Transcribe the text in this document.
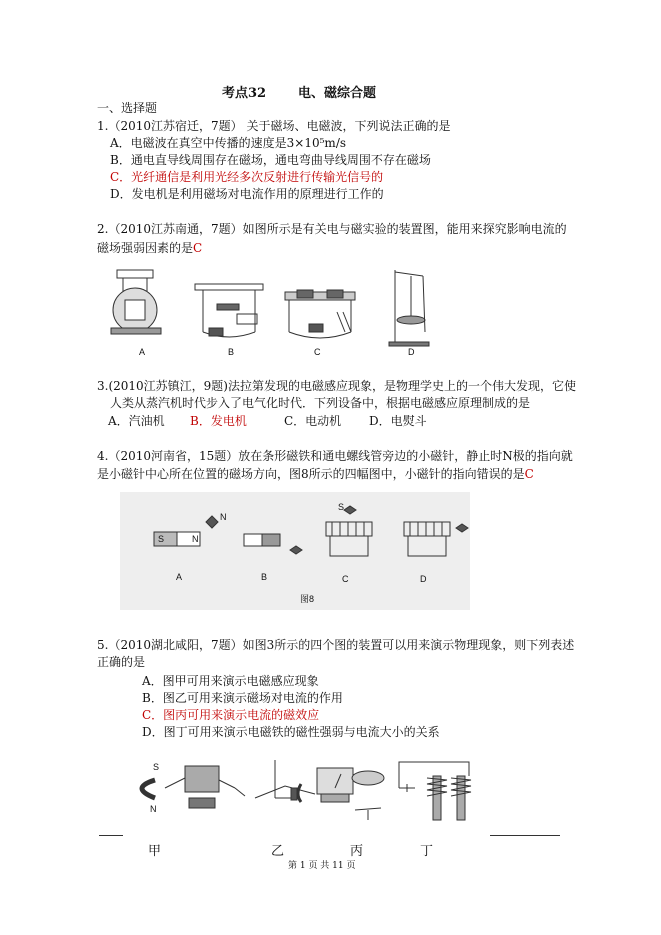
考点32 电、磁综合题
一、选择题
1.（2010江苏宿迁，7题） 关于磁场、电磁波，下列说法正确的是
A．电磁波在真空中传播的速度是3×10⁵m/s
B．通电直导线周围存在磁场，通电弯曲导线周围不存在磁场
C．光纤通信是利用光经多次反射进行传输光信号的
D．发电机是利用磁场对电流作用的原理进行工作的
2.（2010江苏南通，7题）如图所示是有关电与磁实验的装置图，能用来探究影响电流的
磁场强弱因素的是C
A	B	C	D
3.(2010江苏镇江，9题)法拉第发现的电磁感应现象，是物理学史上的一个伟大发现，它使
人类从蒸汽机时代步入了电气化时代．下列设备中，根据电磁感应原理制成的是
A．汽油机 B．发电机	C．电动机 D．电熨斗
4.（2010河南省，15题）放在条形磁铁和通电螺线管旁边的小磁针，静止时N极的指向就
是小磁针中心所在位置的磁场方向，图8所示的四幅图中，小磁针的指向错误的是C
S	N
N
S
A	B	C	D
图8
5.（2010湖北咸阳，7题）如图3所示的四个图的装置可以用来演示物理现象，则下列表述
正确的是
A．图甲可用来演示电磁感应现象
B．图乙可用来演示磁场对电流的作用
C．图丙可用来演示电流的磁效应
D．图丁可用来演示电磁铁的磁性强弱与电流大小的关系
S
N
甲	乙	丙	丁
第 1 页 共 11 页
